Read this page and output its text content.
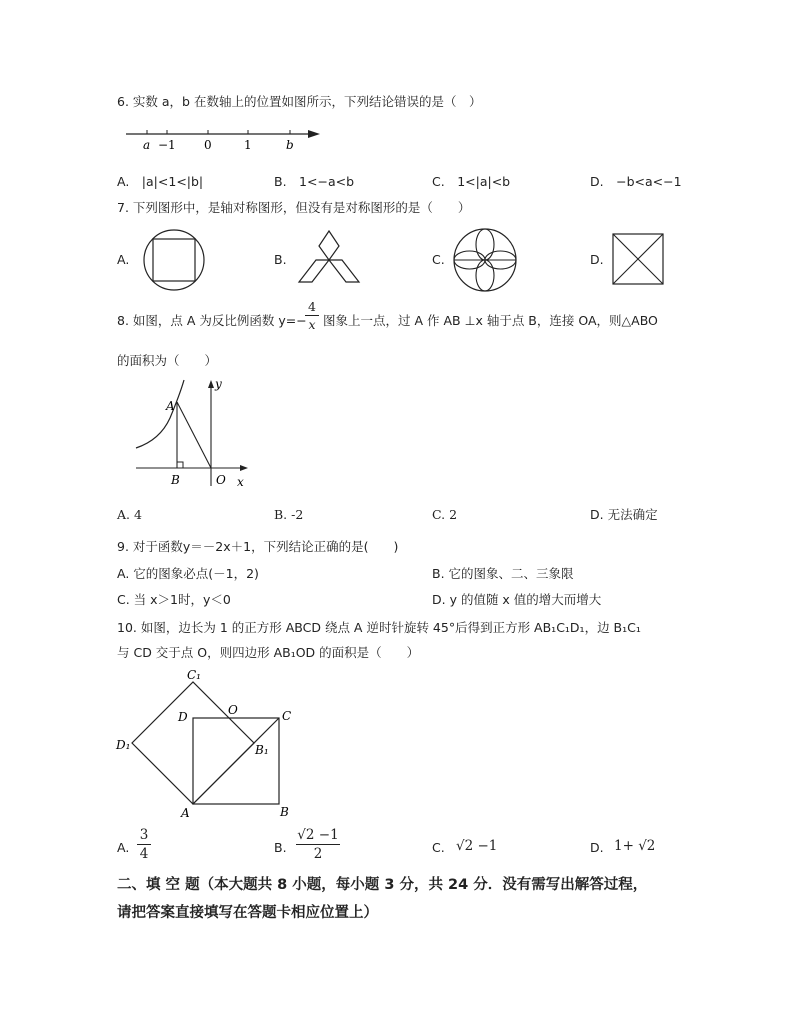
6. 实数 a，b 在数轴上的位置如图所示，下列结论错误的是（　）
a −1 0	1	b
A.　|a|<1<|b|	B.　1<−a<b	C.　1<|a|<b	D.　−b<a<−1
7. 下列图形中，是轴对称图形，但没有是对称图形的是（　　）
A.	B.	C.	D.
8. 如图，点 A 为反比例函数 y=−
4
x 图象上一点，过 A 作 AB ⊥x 轴于点 B，连接 OA，则△ABO
的面积为（　　）
A
B	O x
y
A. 4	B. -2	C. 2	D. 无法确定
9. 对于函数y＝－2x＋1，下列结论正确的是(　　)
A. 它的图象必点(－1，2)	B. 它的图象、二、三象限
C. 当 x＞1时，y＜0	D. y 的值随 x 值的增大而增大
10. 如图，边长为 1 的正方形 ABCD 绕点 A 逆时针旋转 45°后得到正方形 AB₁C₁D₁，边 B₁C₁
与 CD 交于点 O，则四边形 AB₁OD 的面积是（　　）
A	B
C
D	O
B₁
C₁
D₁
A.
3
4	B.
√2 −1
2	C. √2 −1	D. 1+ √2
二、填 空 题（本大题共 8 小题，每小题 3 分，共 24 分．没有需写出解答过程，
请把答案直接填写在答题卡相应位置上）
